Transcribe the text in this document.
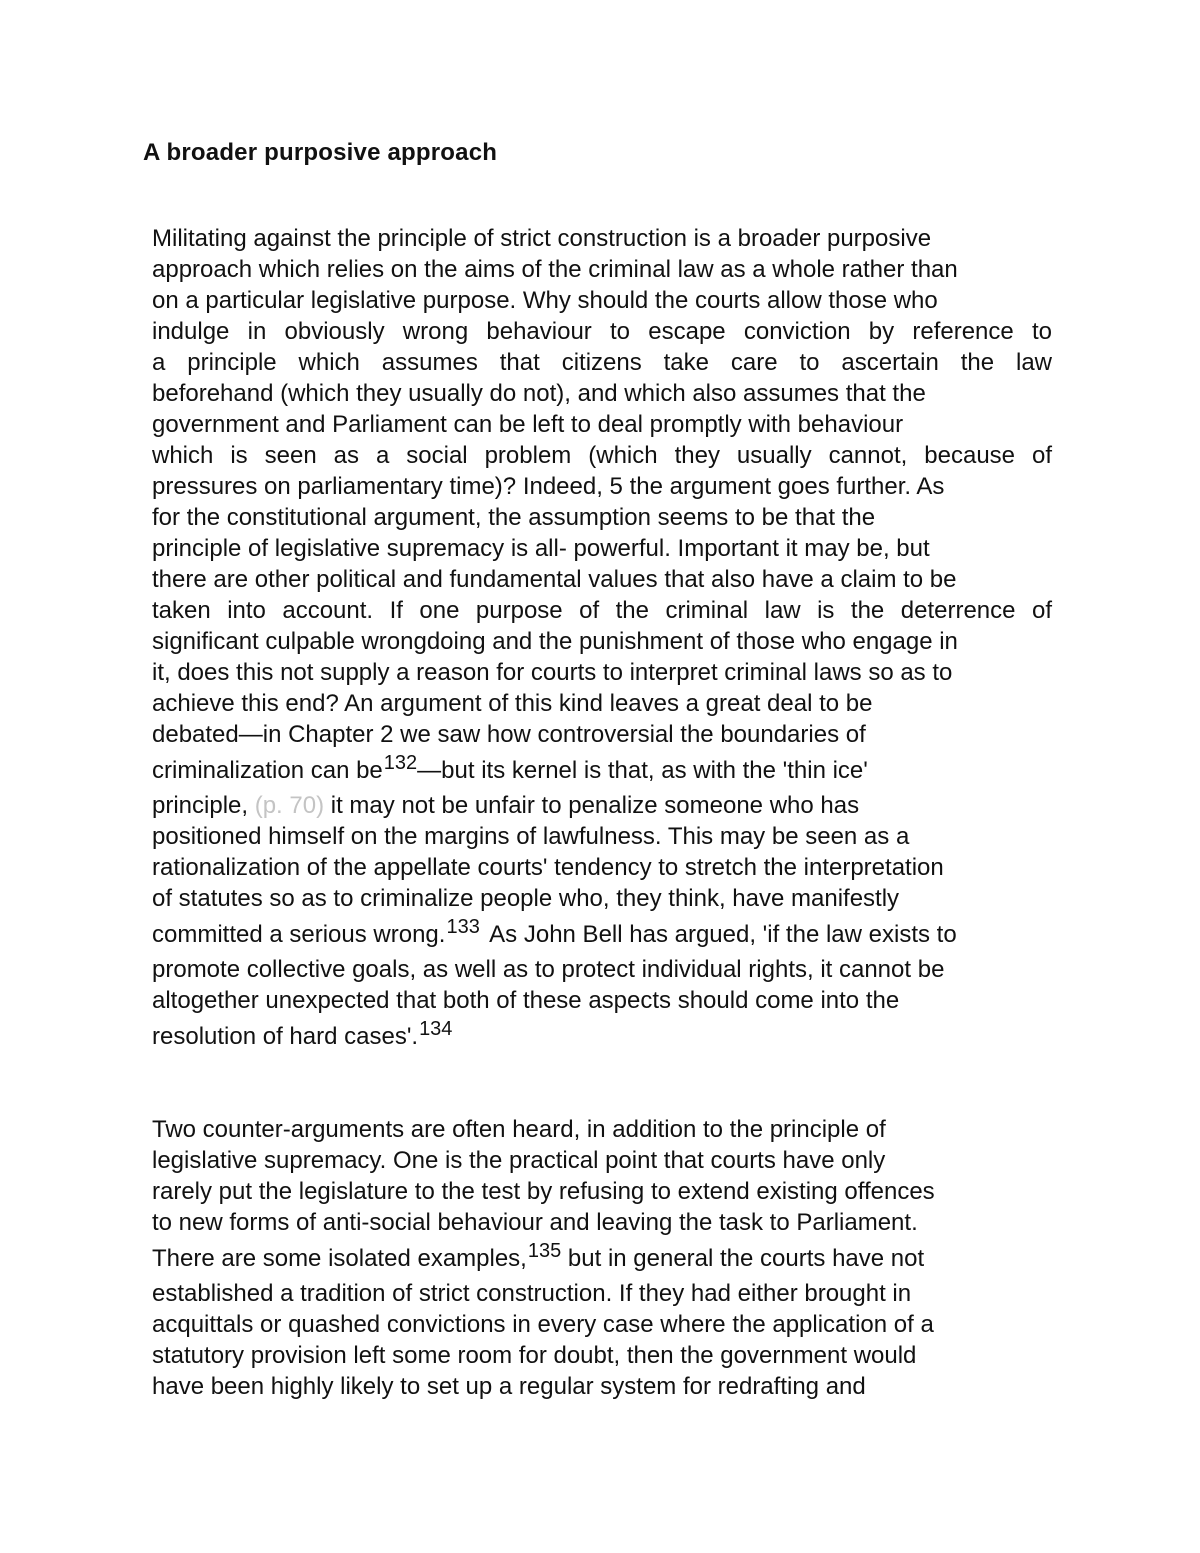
A broader purposive approach
Militating against the principle of strict construction is a broader purposive
approach which relies on the aims of the criminal law as a whole rather than
on a particular legislative purpose. Why should the courts allow those who
indulge in obviously wrong behaviour to escape conviction by reference to
a principle which assumes that citizens take care to ascertain the law
beforehand (which they usually do not), and which also assumes that the
government and Parliament can be left to deal promptly with behaviour
which is seen as a social problem (which they usually cannot, because of
pressures on parliamentary time)? Indeed, 5 the argument goes further. As
for the constitutional argument, the assumption seems to be that the
principle of legislative supremacy is all- powerful. Important it may be, but
there are other political and fundamental values that also have a claim to be
taken into account. If one purpose of the criminal law is the deterrence of
significant culpable wrongdoing and the punishment of those who engage in
it, does this not supply a reason for courts to interpret criminal laws so as to
achieve this end? An argument of this kind leaves a great deal to be
debated—in Chapter 2 we saw how controversial the boundaries of
criminalization can be$^{132}$—but its kernel is that, as with the 'thin ice'
principle, (p. 70) it may not be unfair to penalize someone who has
positioned himself on the margins of lawfulness. This may be seen as a
rationalization of the appellate courts' tendency to stretch the interpretation
of statutes so as to criminalize people who, they think, have manifestly
committed a serious wrong.$^{133}$ As John Bell has argued, 'if the law exists to
promote collective goals, as well as to protect individual rights, it cannot be
altogether unexpected that both of these aspects should come into the
resolution of hard cases'.$^{134}$
Two counter-arguments are often heard, in addition to the principle of
legislative supremacy. One is the practical point that courts have only
rarely put the legislature to the test by refusing to extend existing offences
to new forms of anti-social behaviour and leaving the task to Parliament.
There are some isolated examples,$^{135}$ but in general the courts have not
established a tradition of strict construction. If they had either brought in
acquittals or quashed convictions in every case where the application of a
statutory provision left some room for doubt, then the government would
have been highly likely to set up a regular system for redrafting and
